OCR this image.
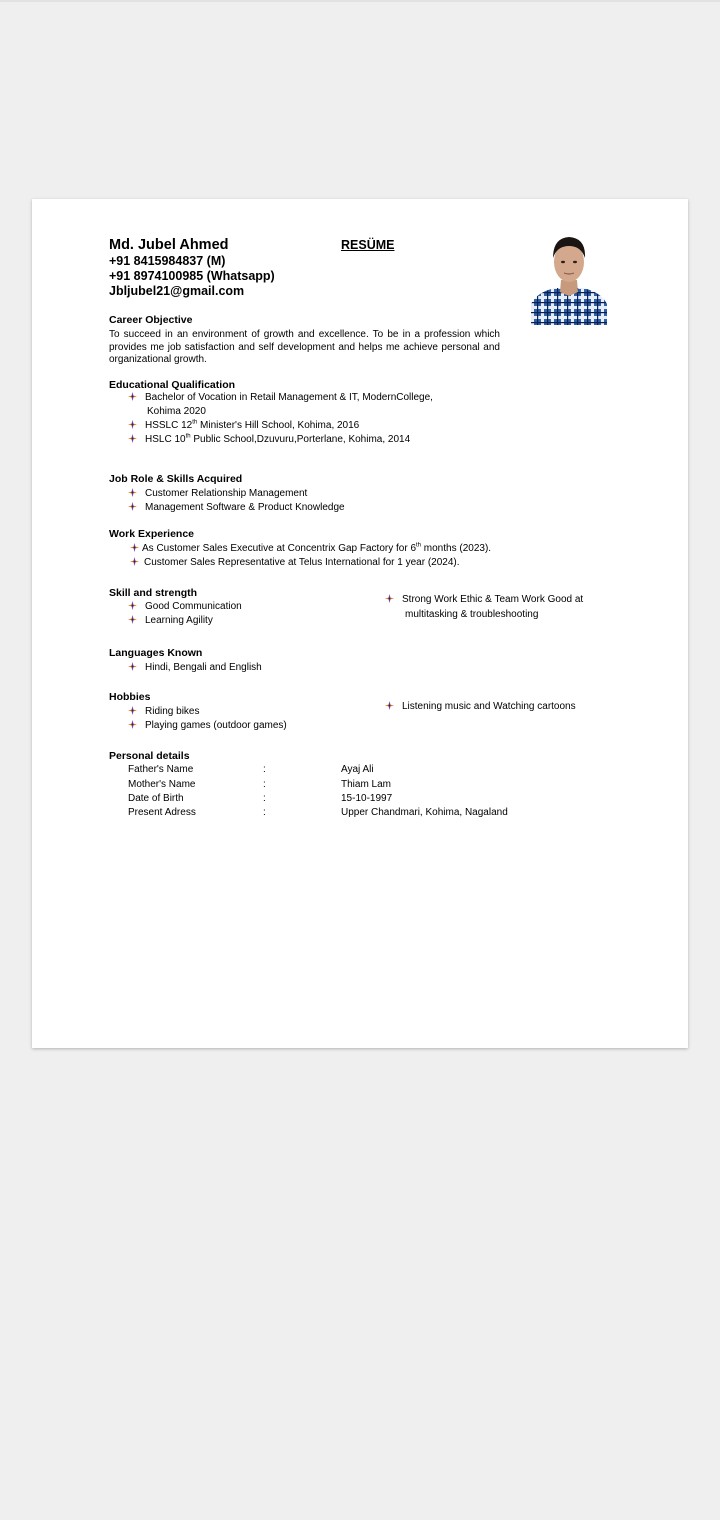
Md. Jubel Ahmed
+91 8415984837 (M)
+91 8974100985 (Whatsapp)
Jbljubel21@gmail.com
RESÜME
Career Objective
To succeed in an environment of growth and excellence. To be in a profession which provides me job satisfaction and self development and helps me achieve personal and organizational growth.
Educational Qualification
Bachelor of Vocation in Retail Management & IT, ModernCollege,
Kohima 2020
HSSLC 12th Minister's Hill School, Kohima, 2016
HSLC 10th Public School,Dzuvuru,Porterlane, Kohima, 2014
Job Role & Skills Acquired
Customer Relationship Management
Management Software & Product Knowledge
Work Experience
As Customer Sales Executive at Concentrix Gap Factory for 6th months (2023).
Customer Sales Representative at Telus International for 1 year (2024).
Skill and strength
Good Communication
Learning Agility
Strong Work Ethic & Team Work Good at
multitasking & troubleshooting
Languages Known
Hindi, Bengali and English
Hobbies
Riding bikes
Playing games (outdoor games)
Listening music and Watching cartoons
Personal details
Father's Name	:	Ayaj Ali
Mother's Name	:	Thiam Lam
Date of Birth	:	15-10-1997
Present Adress	:	Upper Chandmari, Kohima, Nagaland
